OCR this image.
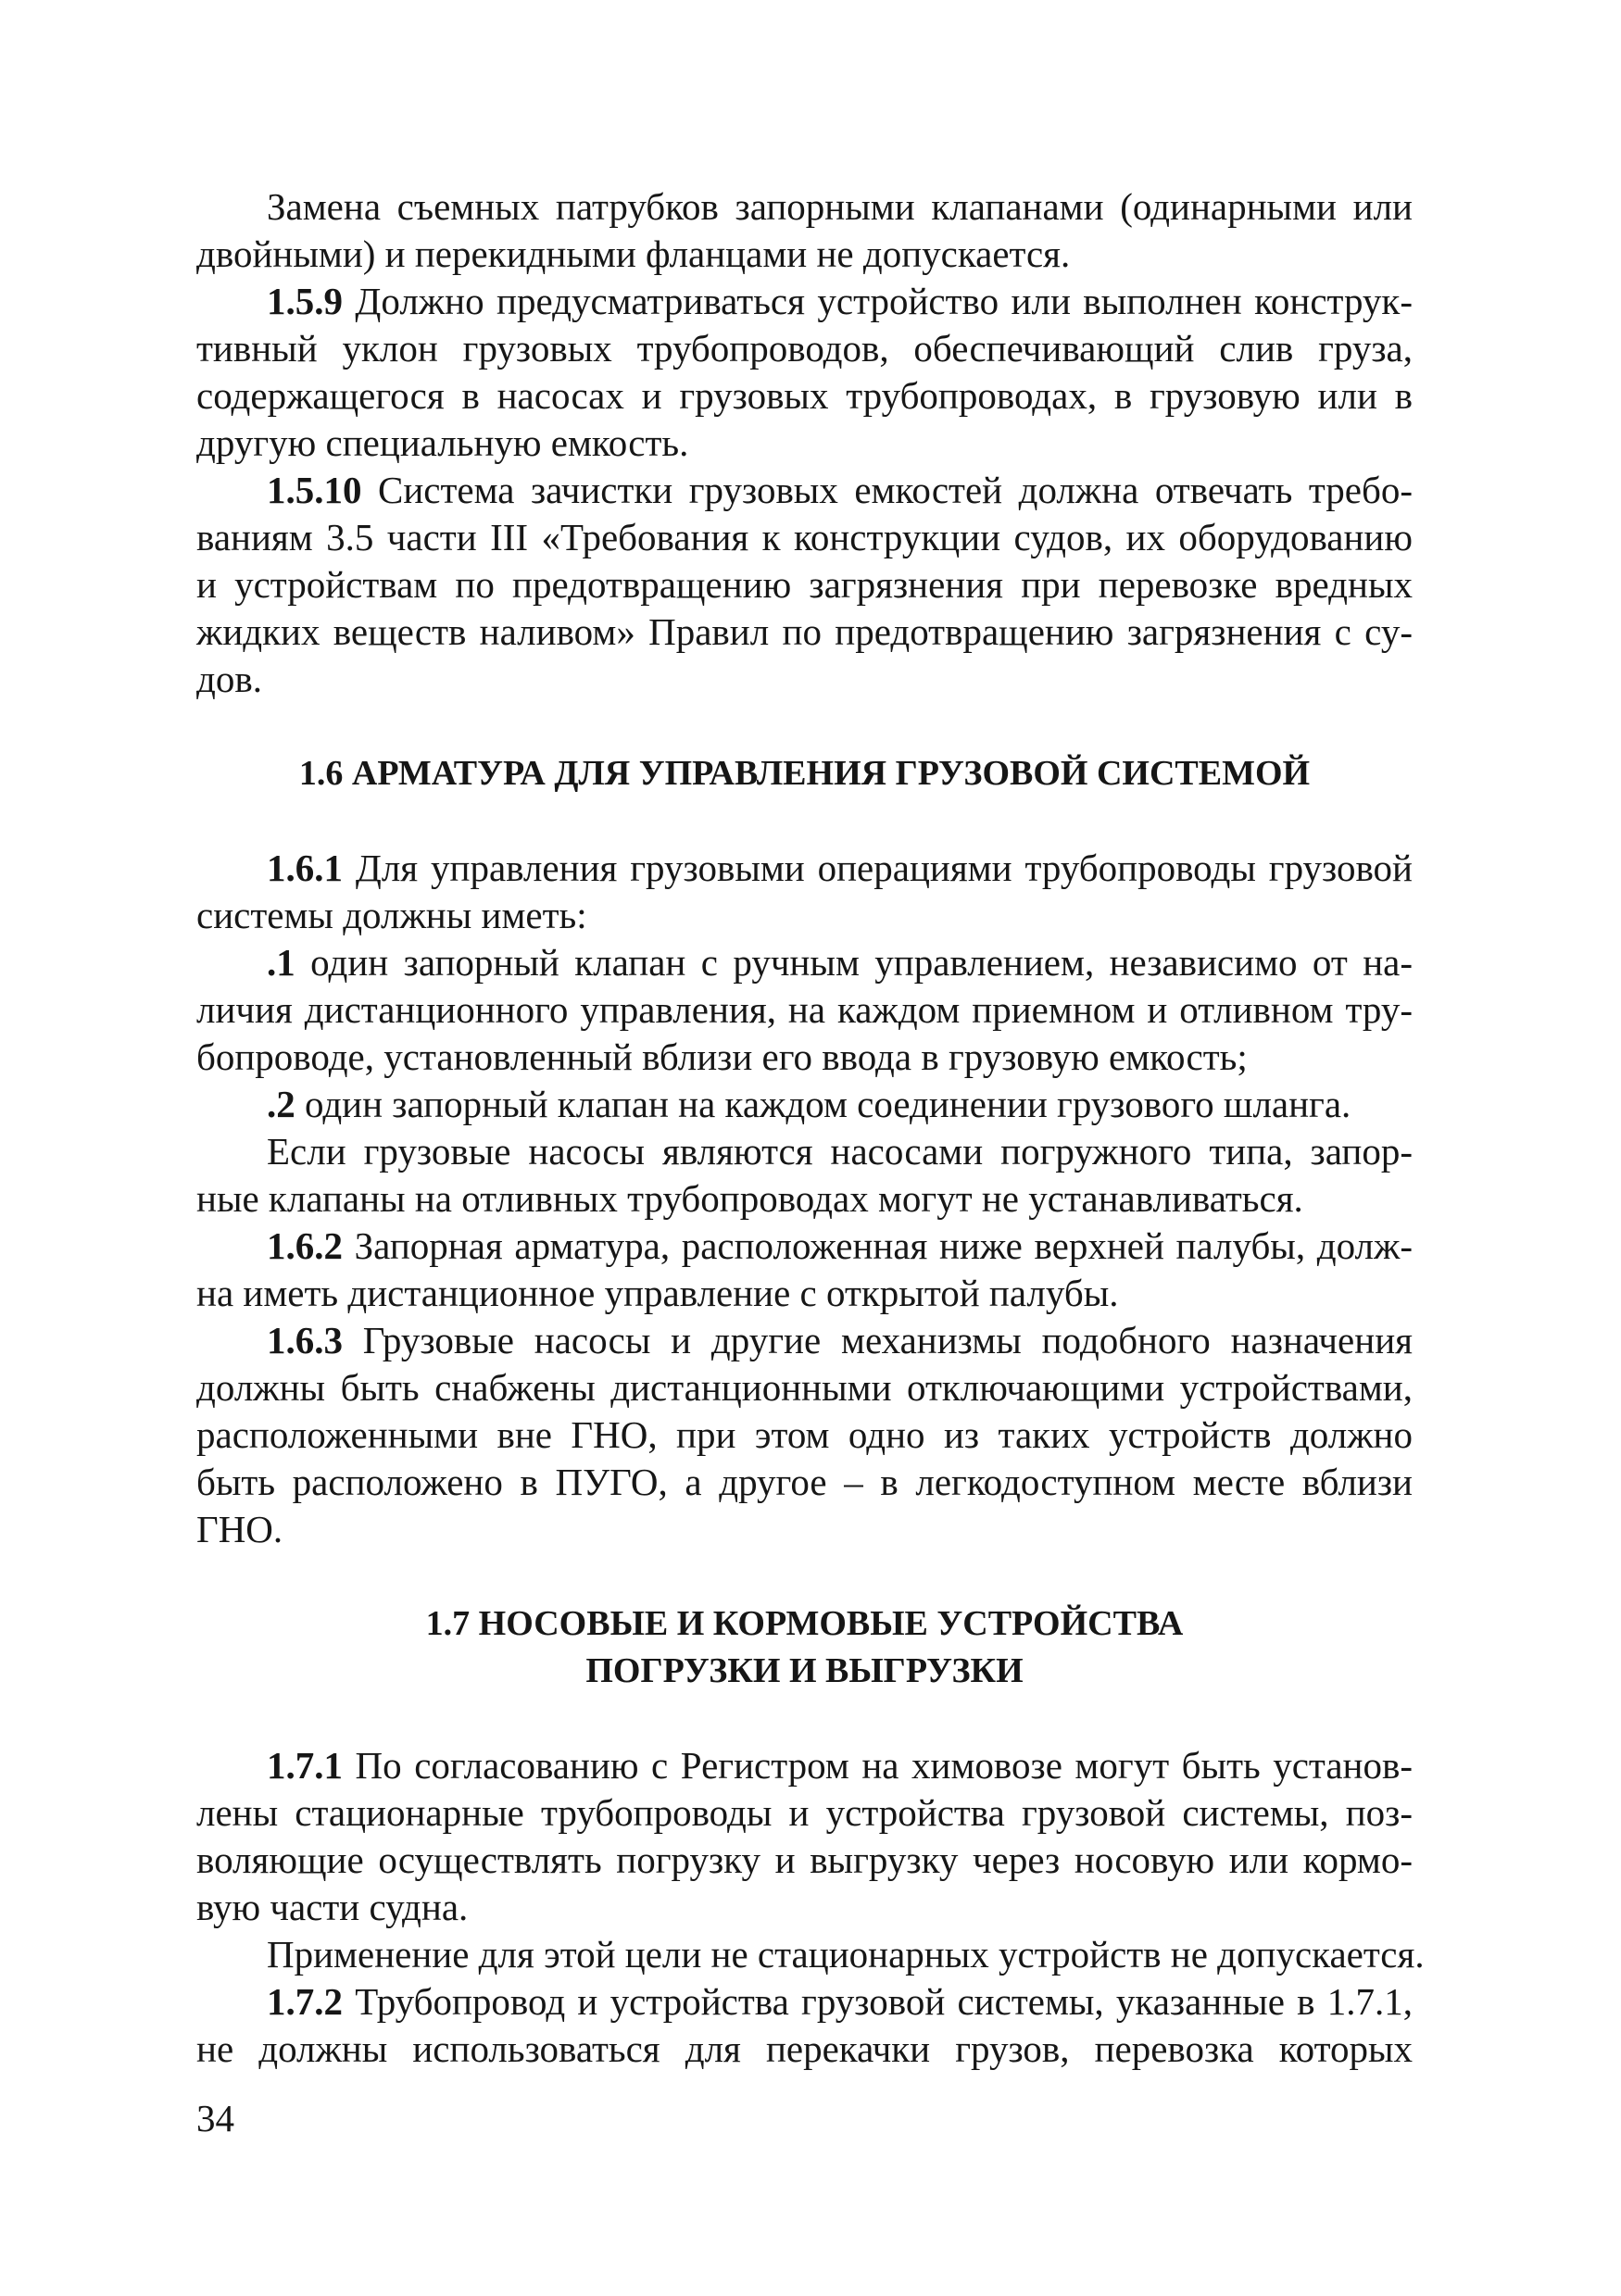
Замена съемных патрубков запорными клапанами (одинарными или
двойными) и перекидными фланцами не допускается.
1.5.9 Должно предусматриваться устройство или выполнен конструк-
тивный уклон грузовых трубопроводов, обеспечивающий слив груза,
содержащегося в насосах и грузовых трубопроводах, в грузовую или в
другую специальную емкость.
1.5.10 Система зачистки грузовых емкостей должна отвечать требо-
ваниям 3.5 части III «Требования к конструкции судов, их оборудованию
и устройствам по предотвращению загрязнения при перевозке вредных
жидких веществ наливом» Правил по предотвращению загрязнения с су-
дов.
1.6 АРМАТУРА ДЛЯ УПРАВЛЕНИЯ ГРУЗОВОЙ СИСТЕМОЙ
1.6.1 Для управления грузовыми операциями трубопроводы грузовой
системы должны иметь:
.1 один запорный клапан с ручным управлением, независимо от на-
личия дистанционного управления, на каждом приемном и отливном тру-
бопроводе, установленный вблизи его ввода в грузовую емкость;
.2 один запорный клапан на каждом соединении грузового шланга.
Если грузовые насосы являются насосами погружного типа, запор-
ные клапаны на отливных трубопроводах могут не устанавливаться.
1.6.2 Запорная арматура, расположенная ниже верхней палубы, долж-
на иметь дистанционное управление с открытой палубы.
1.6.3 Грузовые насосы и другие механизмы подобного назначения
должны быть снабжены дистанционными отключающими устройствами,
расположенными вне ГНО, при этом одно из таких устройств должно
быть расположено в ПУГО, а другое – в легкодоступном месте вблизи
ГНО.
1.7 НОСОВЫЕ И КОРМОВЫЕ УСТРОЙСТВА
ПОГРУЗКИ И ВЫГРУЗКИ
1.7.1 По согласованию с Регистром на химовозе могут быть установ-
лены стационарные трубопроводы и устройства грузовой системы, поз-
воляющие осуществлять погрузку и выгрузку через носовую или кормо-
вую части судна.
Применение для этой цели не стационарных устройств не допускается.
1.7.2 Трубопровод и устройства грузовой системы, указанные в 1.7.1,
не должны использоваться для перекачки грузов, перевозка которых
34
